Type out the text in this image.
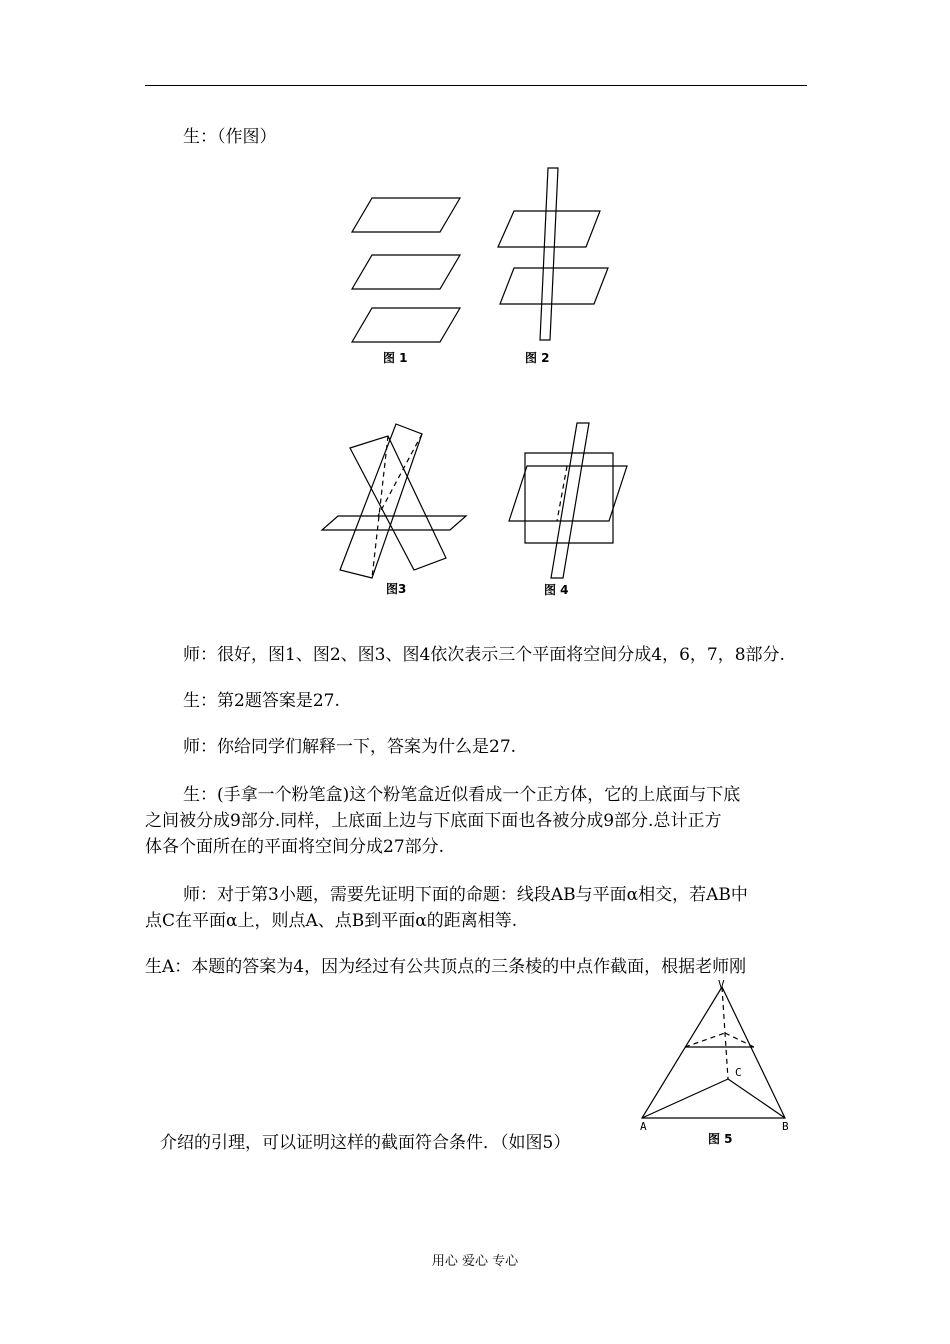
生：（作图）
图 1	图 2
图3	图 4
师：很好，图1、图2、图3、图4依次表示三个平面将空间分成4，6，7，8部分.
生：第2题答案是27.
师：你给同学们解释一下，答案为什么是27.
生：(手拿一个粉笔盒)这个粉笔盒近似看成一个正方体，它的上底面与下底
之间被分成9部分.同样，上底面上边与下底面下面也各被分成9部分.总计正方
体各个面所在的平面将空间分成27部分.
师：对于第3小题，需要先证明下面的命题：线段AB与平面α相交，若AB中
点C在平面α上，则点A、点B到平面α的距离相等.
生A：本题的答案为4，因为经过有公共顶点的三条棱的中点作截面，根据老师刚
V
C
A	B
图 5
介绍的引理，可以证明这样的截面符合条件．（如图5）
用心 爱心 专心
